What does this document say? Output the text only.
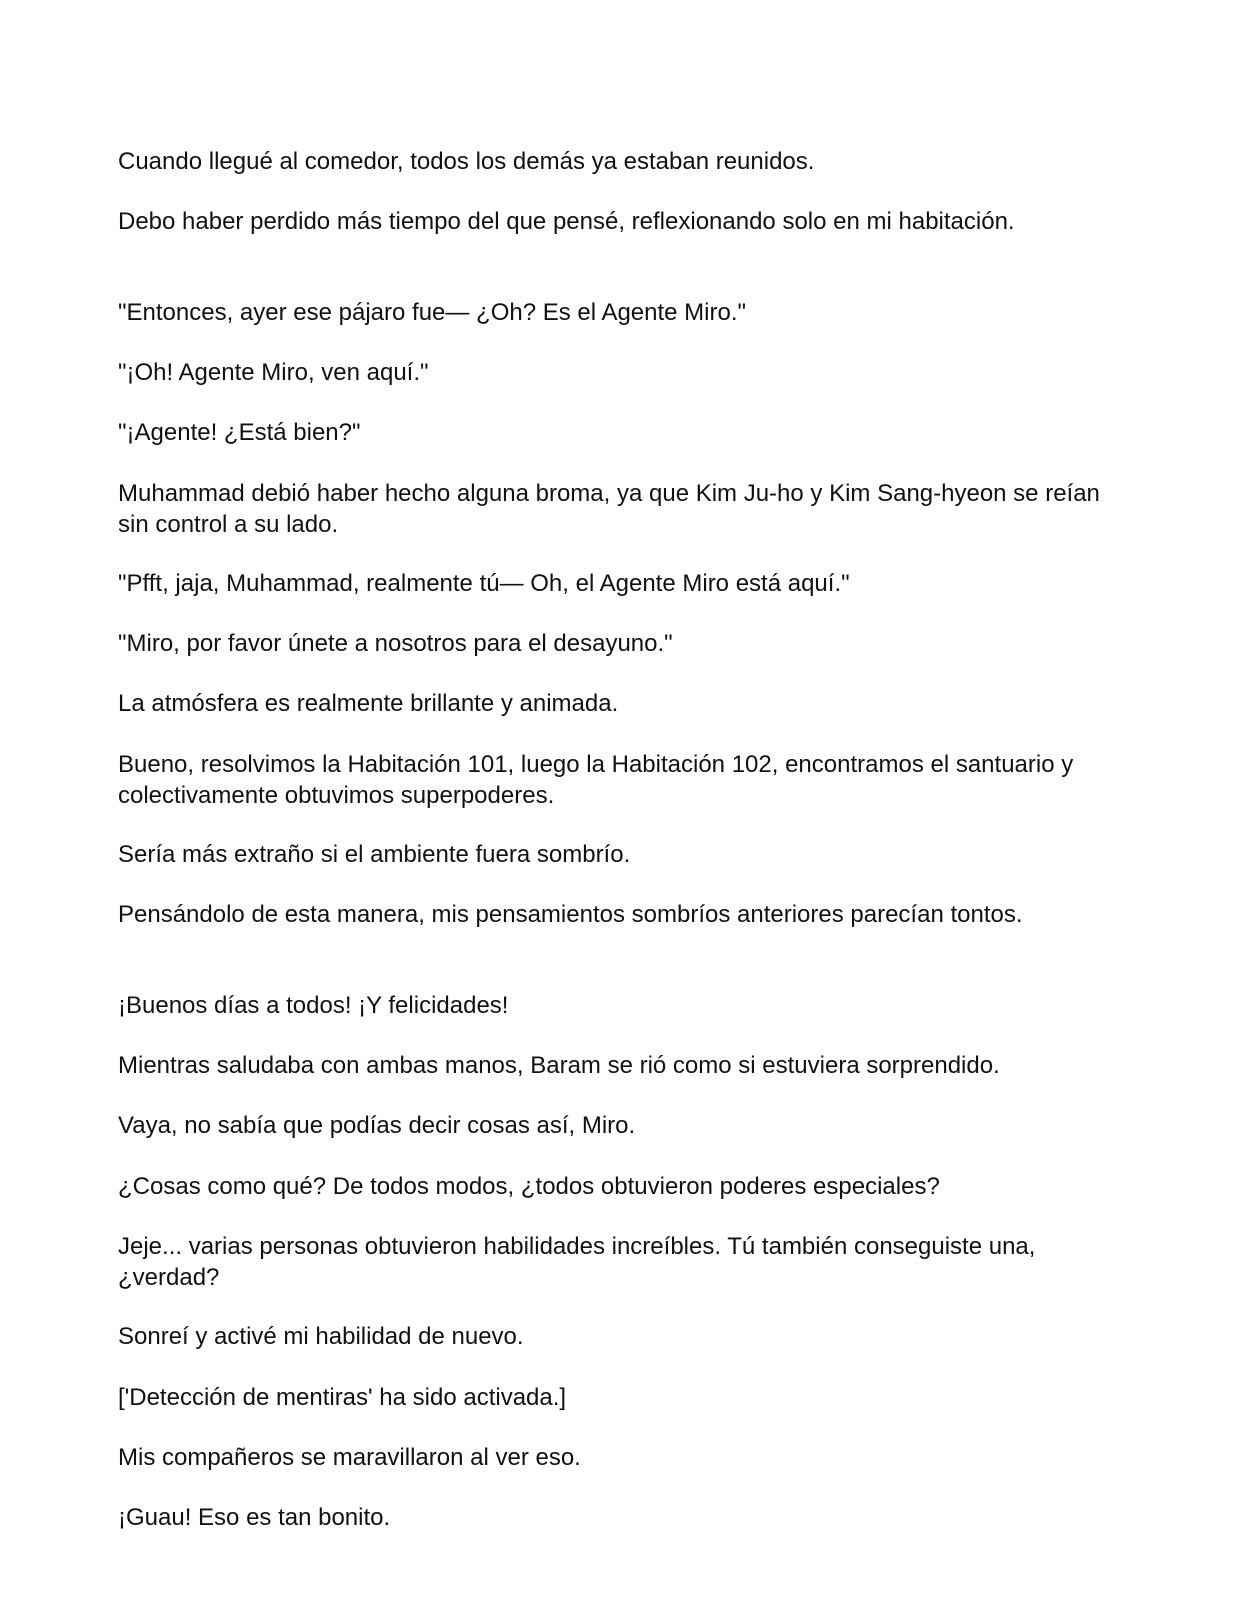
Cuando llegué al comedor, todos los demás ya estaban reunidos.

Debo haber perdido más tiempo del que pensé, reflexionando solo en mi habitación.

"Entonces, ayer ese pájaro fue— ¿Oh? Es el Agente Miro."

"¡Oh! Agente Miro, ven aquí."

"¡Agente! ¿Está bien?"

Muhammad debió haber hecho alguna broma, ya que Kim Ju-ho y Kim Sang-hyeon se reían sin control a su lado.

"Pfft, jaja, Muhammad, realmente tú— Oh, el Agente Miro está aquí."

"Miro, por favor únete a nosotros para el desayuno."

La atmósfera es realmente brillante y animada.

Bueno, resolvimos la Habitación 101, luego la Habitación 102, encontramos el santuario y colectivamente obtuvimos superpoderes.

Sería más extraño si el ambiente fuera sombrío.

Pensándolo de esta manera, mis pensamientos sombríos anteriores parecían tontos.

¡Buenos días a todos! ¡Y felicidades!

Mientras saludaba con ambas manos, Baram se rió como si estuviera sorprendido.

Vaya, no sabía que podías decir cosas así, Miro.

¿Cosas como qué? De todos modos, ¿todos obtuvieron poderes especiales?

Jeje... varias personas obtuvieron habilidades increíbles. Tú también conseguiste una, ¿verdad?

Sonreí y activé mi habilidad de nuevo.

['Detección de mentiras' ha sido activada.]

Mis compañeros se maravillaron al ver eso.

¡Guau! Eso es tan bonito.
